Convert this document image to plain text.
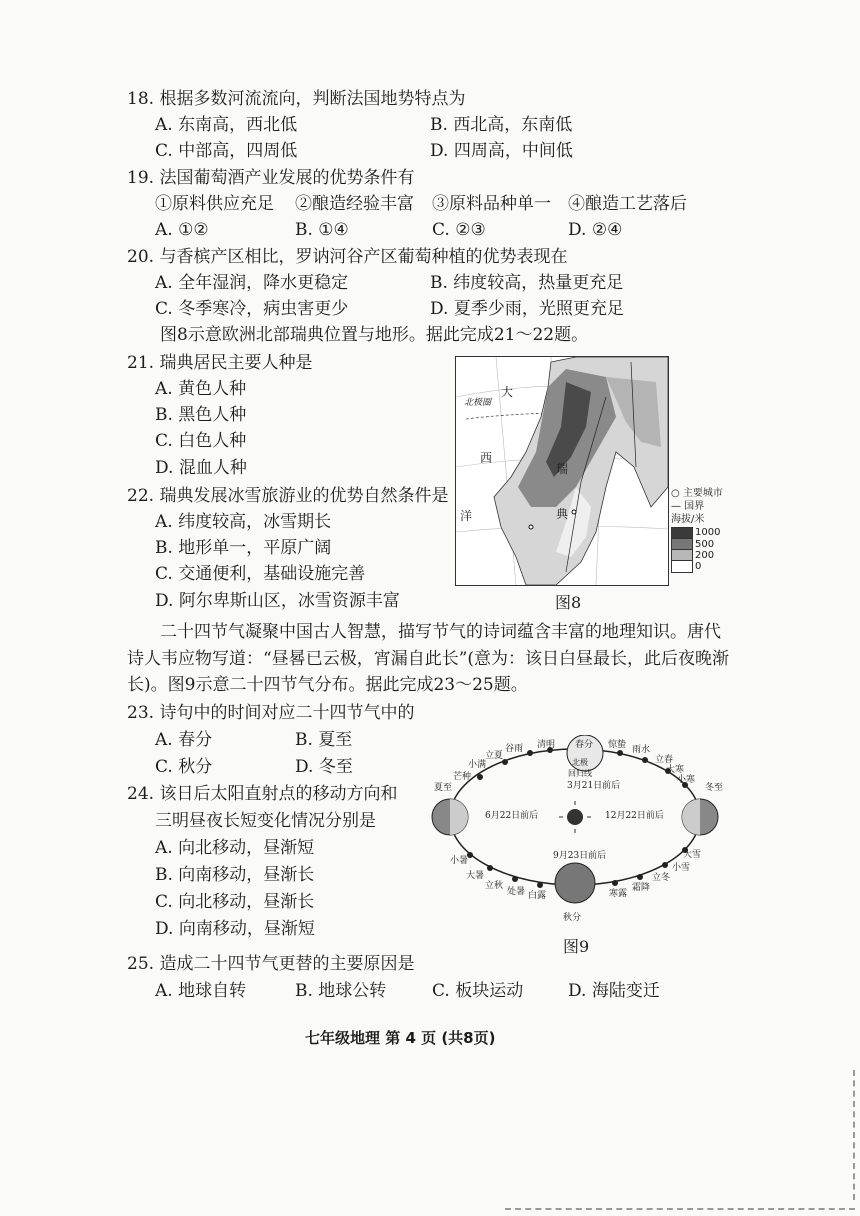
18. 根据多数河流流向，判断法国地势特点为
A. 东南高，西北低	B. 西北高，东南低
C. 中部高，四周低	D. 四周高，中间低
19. 法国葡萄酒产业发展的优势条件有
①原料供应充足 ②酿造经验丰富 ③原料品种单一 ④酿造工艺落后
A. ①②	B. ①④	C. ②③	D. ②④
20. 与香槟产区相比，罗讷河谷产区葡萄种植的优势表现在
A. 全年湿润，降水更稳定	B. 纬度较高，热量更充足
C. 冬季寒冷，病虫害更少	D. 夏季少雨，光照更充足
图8示意欧洲北部瑞典位置与地形。据此完成21～22题。
21. 瑞典居民主要人种是
A. 黄色人种
B. 黑色人种
C. 白色人种
D. 混血人种
22. 瑞典发展冰雪旅游业的优势自然条件是
A. 纬度较高，冰雪期长
B. 地形单一，平原广阔
C. 交通便利，基础设施完善
D. 阿尔卑斯山区，冰雪资源丰富
大
北极圈
西
洋
瑞
典
○ 主要城市
— 国界
海拔/米
1000
500
200
0
图8
二十四节气凝聚中国古人智慧，描写节气的诗词蕴含丰富的地理知识。唐代
诗人韦应物写道：“昼晷已云极，宵漏自此长”(意为：该日白昼最长，此后夜晚渐
长)。图9示意二十四节气分布。据此完成23～25题。
23. 诗句中的时间对应二十四节气中的
A. 春分	B. 夏至
C. 秋分	D. 冬至
24. 该日后太阳直射点的移动方向和
三明昼夜长短变化情况分别是
A. 向北移动，昼渐短
B. 向南移动，昼渐长
C. 向北移动，昼渐长
D. 向南移动，昼渐短
春分
北极
回归线
3月21日前后
夏至
6月22日前后	12月22日前后
冬至
9月23日前后
秋分
清明
谷雨
立夏
小满
芒种
惊蛰 雨水
立春
大寒
小寒
小暑
大暑
立秋
处暑 白露	寒露
霜降
立冬
小雪
大雪
图9
25. 造成二十四节气更替的主要原因是
A. 地球自转	B. 地球公转	C. 板块运动	D. 海陆变迁
七年级地理 第 4 页 (共8页)
